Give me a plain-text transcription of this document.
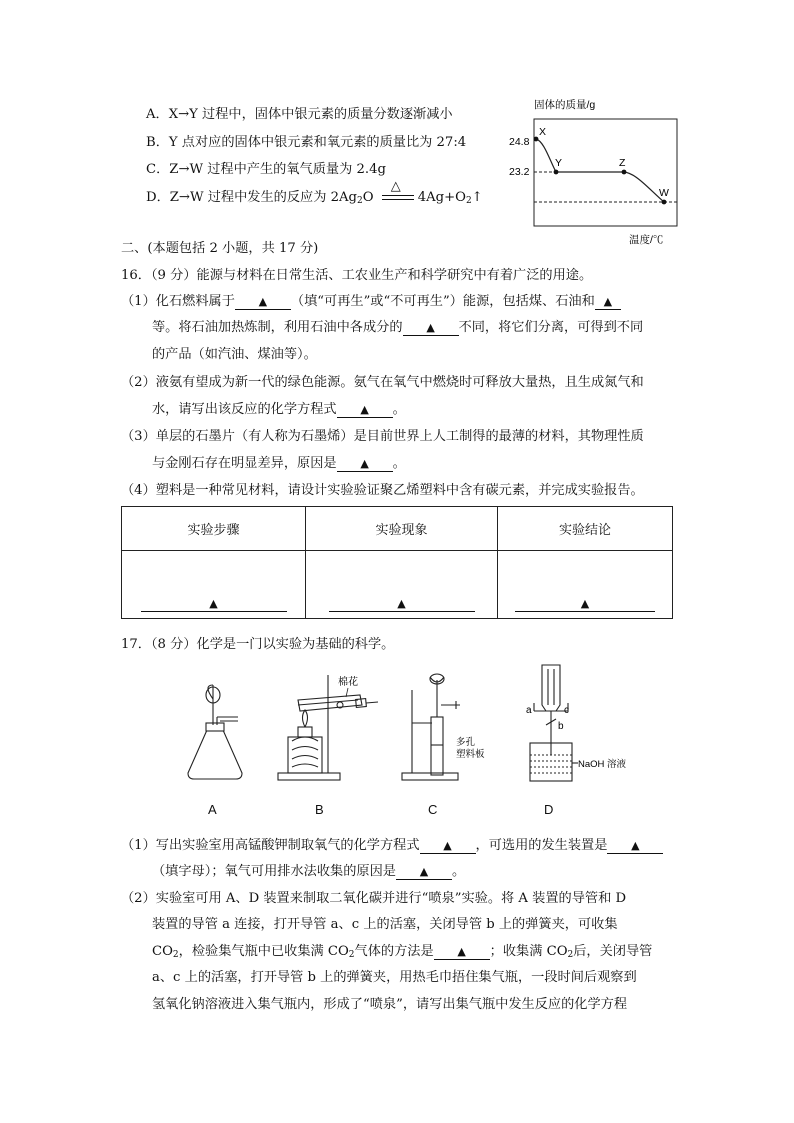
A．X→Y 过程中，固体中银元素的质量分数逐渐减小
B．Y 点对应的固体中银元素和氧元素的质量比为 27:4
C．Z→W 过程中产生的氧气质量为 2.4g
D．Z→W 过程中发生的反应为 $2Ag_2O$
△
$4Ag+O_2↑$
固体的质量/g
24.8
23.2
X
Y	Z
W
温度/℃
二、(本题包括 2 小题，共 17 分)
16．（9 分）能源与材料在日常生活、工农业生产和科学研究中有着广泛的用途。
（1）化石燃料属于 ▲ （填“可再生”或“不可再生”）能源，包括煤、石油和 ▲
等。将石油加热炼制，利用石油中各成分的 ▲ 不同，将它们分离，可得到不同
的产品（如汽油、煤油等）。
（2）液氨有望成为新一代的绿色能源。氨气在氧气中燃烧时可释放大量热，且生成氮气和
水，请写出该反应的化学方程式 ▲ 。
（3）单层的石墨片（有人称为石墨烯）是目前世界上人工制得的最薄的材料，其物理性质
与金刚石存在明显差异，原因是 ▲ 。
（4）塑料是一种常见材料，请设计实验验证聚乙烯塑料中含有碳元素，并完成实验报告。
实验步骤	实验现象	实验结论
▲	▲	▲
17．（8 分）化学是一门以实验为基础的科学。
棉花
多孔
塑料板
a
b
c
NaOH 溶液
A	B	C	D
（1）写出实验室用高锰酸钾制取氧气的化学方程式 ▲ ，可选用的发生装置是 ▲
（填字母）；氧气可用排水法收集的原因是 ▲ 。
（2）实验室可用 A、D 装置来制取二氧化碳并进行“喷泉”实验。将 A 装置的导管和 D
装置的导管 a 连接，打开导管 a、c 上的活塞，关闭导管 b 上的弹簧夹，可收集
$CO_2$，检验集气瓶中已收集满 $CO_2$气体的方法是 ▲ ；收集满 $CO_2$后，关闭导管
a、c 上的活塞，打开导管 b 上的弹簧夹，用热毛巾捂住集气瓶，一段时间后观察到
氢氧化钠溶液进入集气瓶内，形成了“喷泉”，请写出集气瓶中发生反应的化学方程
